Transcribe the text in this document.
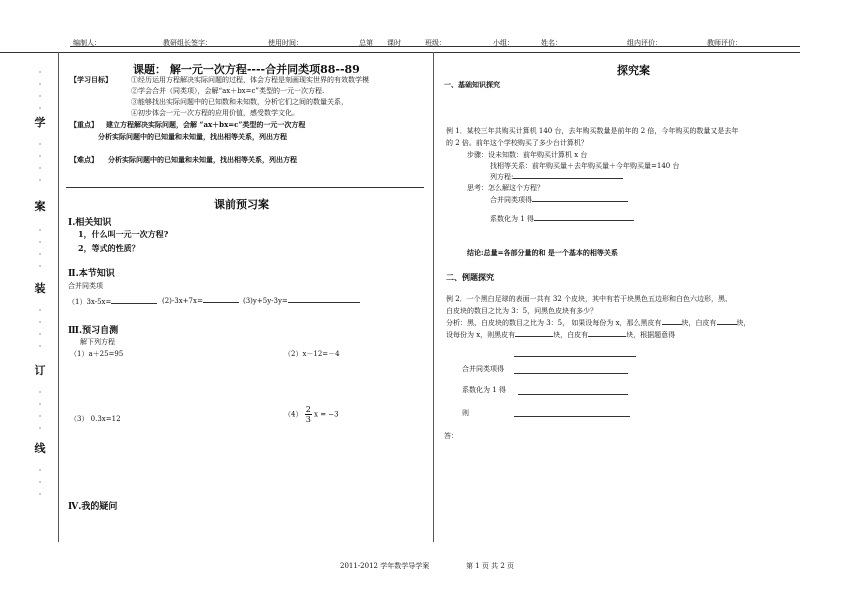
编制人：	教研组长签字：	使用时间：	总第 课时	班级：	小组：	姓名：	组内评价：	教师评价：
·
·
·
·
学
·
·
·
·
案
·
·
·
·
装
·
·
·
·
订
·
·
·
·
线
·
·
·
课题： 解一元一次方程----合并同类项88--89
【学习目标】	①经历运用方程解决实际问题的过程，体会方程是刻画现实世界的有效数学模
②学会合并（同类项），会解“ax＋bx=c”类型的一元一次方程.
③能够找出实际问题中的已知数和未知数，分析它们之间的数量关系，
④初步体会一元一次方程的应用价值，感受数学文化。
【重点】 建立方程解决实际问题，会解 “ax＋bx=c”类型的一元一次方程
分析实际问题中的已知量和未知量，找出相等关系，列出方程
【难点】 分析实际问题中的已知量和未知量，找出相等关系，列出方程
课前预习案
Ⅰ.相关知识
1，什么叫一元一次方程?
2，等式的性质？
Ⅱ.本节知识
合并同类项
（1）3x-5x=	(2)-3x+7x=	(3)y+5y-3y=
Ⅲ.预习自测
解下列方程
（1）a＋25=95	（2）x－12=－4
（3） 0.3x=12
$(4) \frac{2}{3}$ x = −3
Ⅳ.我的疑问
探究案
一、基础知识探究
例 1．某校三年共购买计算机 140 台，去年购买数量是前年的 2 倍，今年购买的数量又是去年
的 2 倍。前年这个学校购买了多少台计算机？
步骤：设未知数：前年购买计算机 x 台
找相等关系：前年购买量＋去年购买量＋今年购买量=140 台
列方程:
思考：怎么解这个方程？
合并同类项得
系数化为 1 得
结论:总量=各部分量的和 是一个基本的相等关系
二、例题探究
例 2．一个黑白足球的表面一共有 32 个皮块，其中有若干块黑色五边形和白色六边形，黑、
白皮块的数目之比为 3：5，问黑色皮块有多少？
分析：黑、白皮块的数目之比为 3：5， 如果设每份为 x，那么黑皮有	块，白皮有	块，
设每份为 x，则黑皮有	块，白皮有	块，根据题意得
合并同类项得
系数化为 1 得
则
答：
2011-2012 学年数学导学案	第 1 页 共 2 页
